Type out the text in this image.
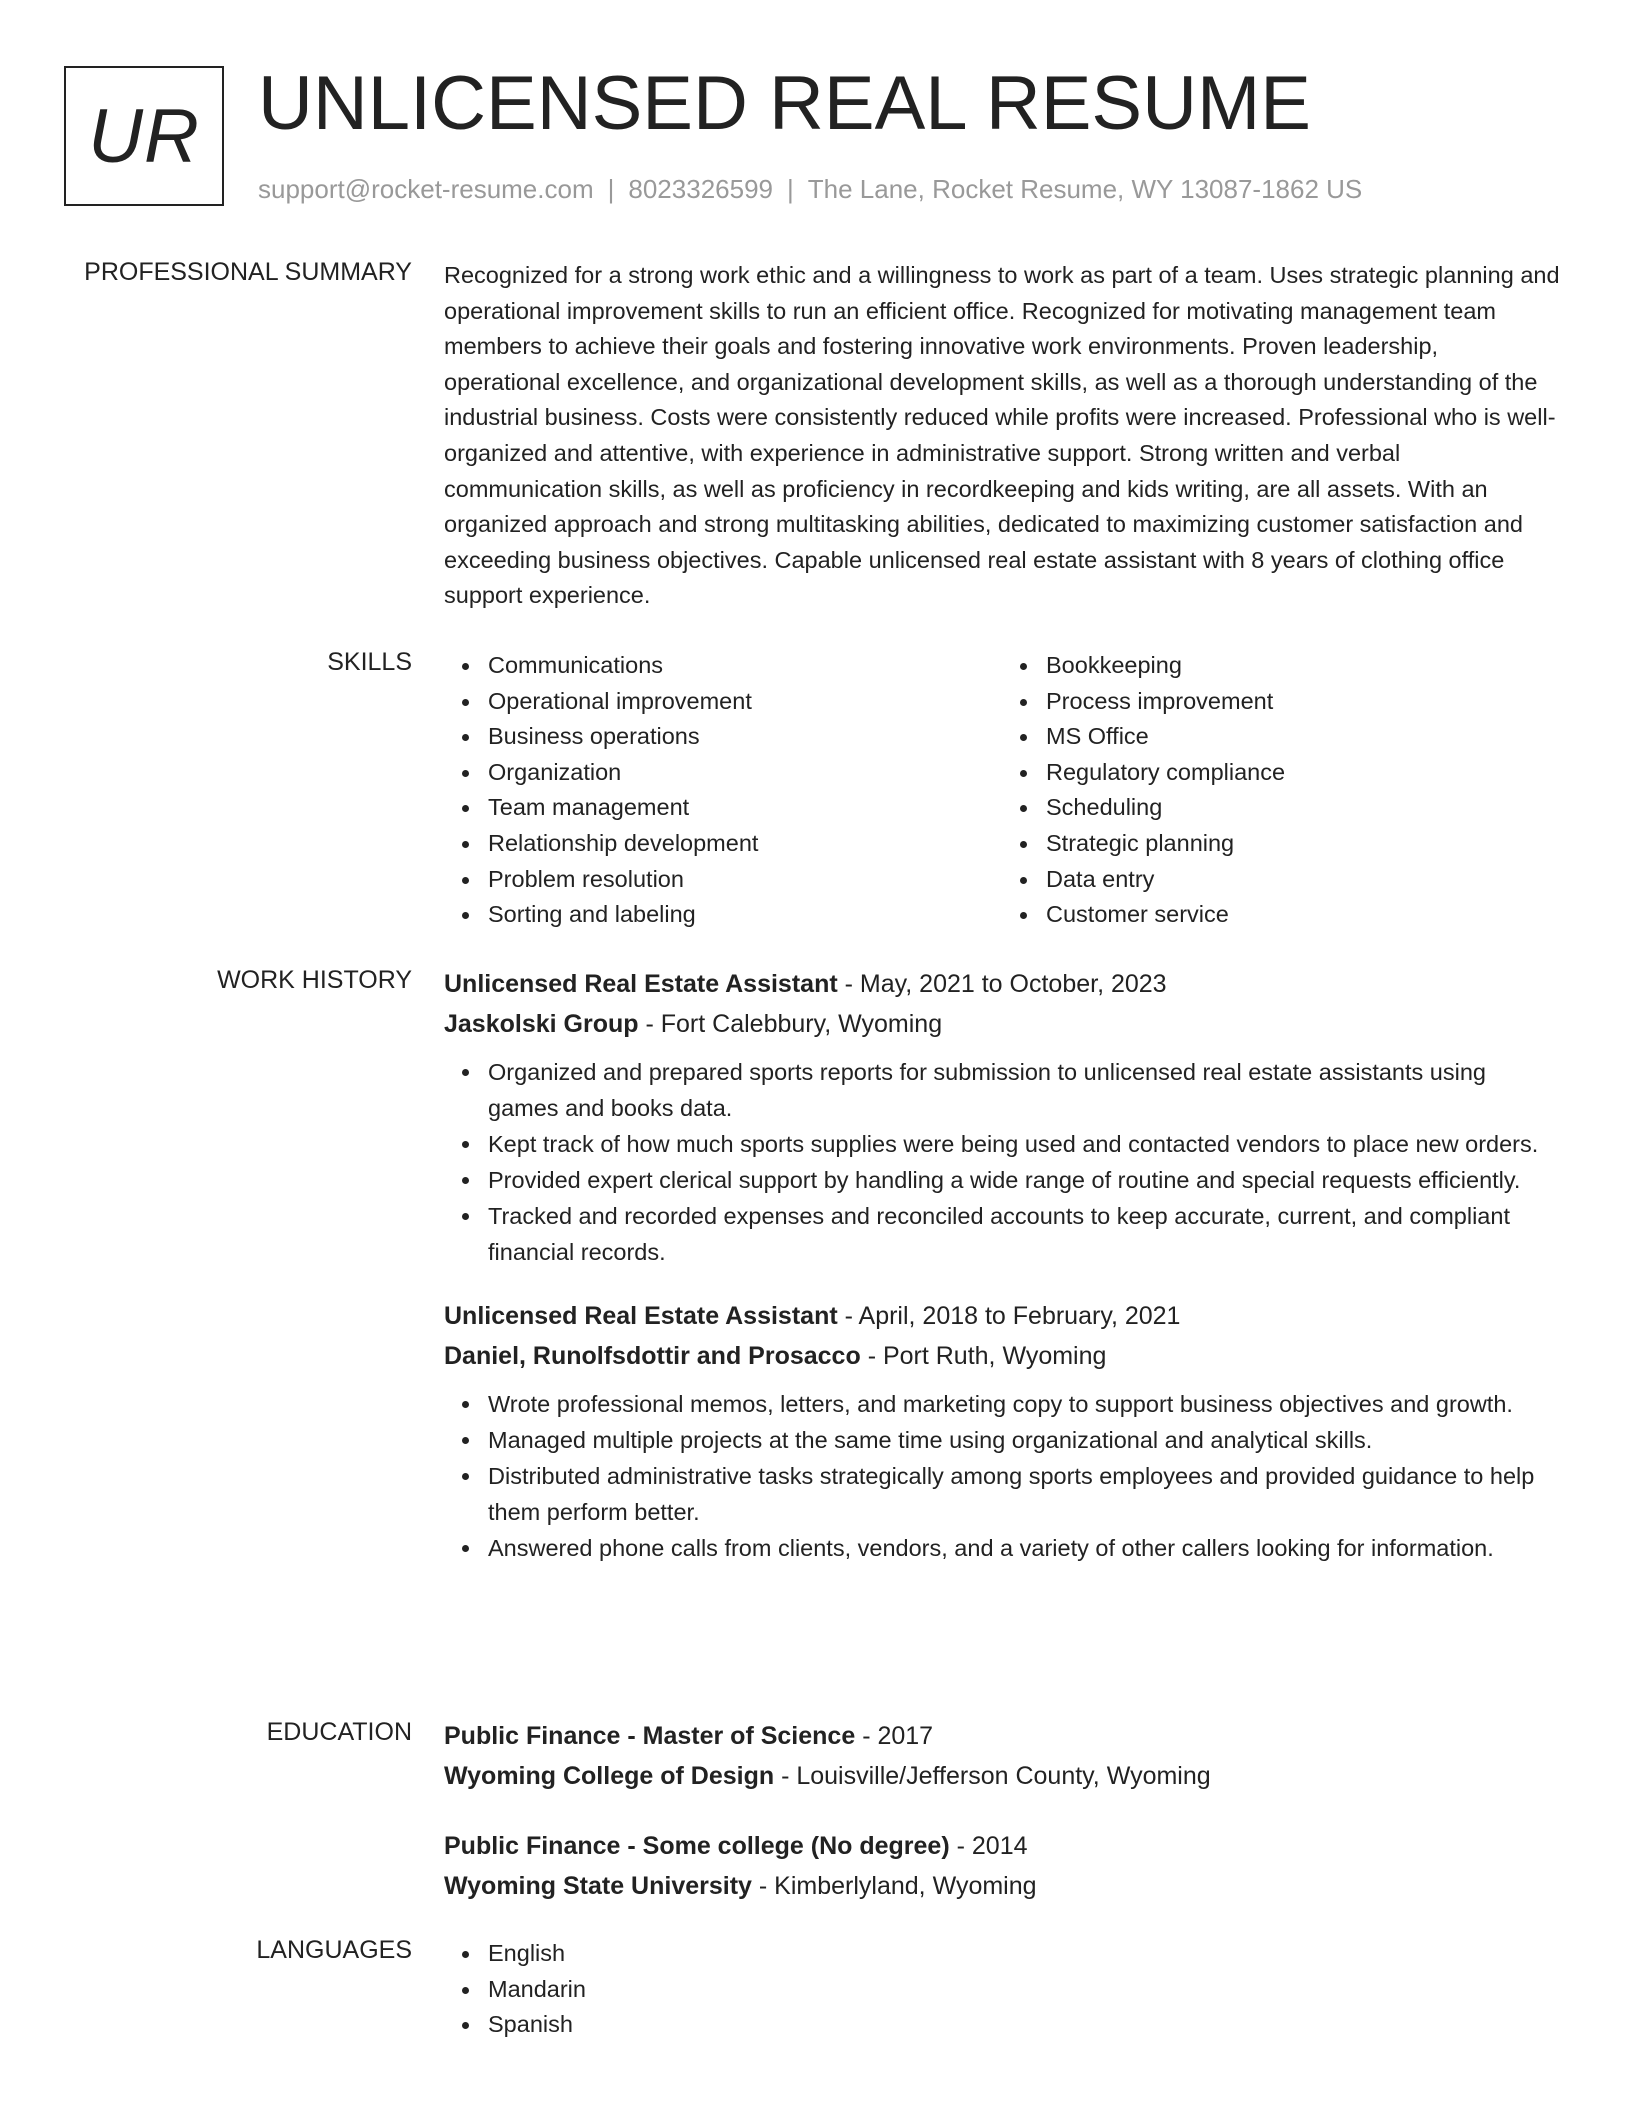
UR UNLICENSED REAL RESUME
support@rocket-resume.com | 8023326599 | The Lane, Rocket Resume, WY 13087-1862 US
PROFESSIONAL SUMMARY Recognized for a strong work ethic and a willingness to work as part of a team. Uses strategic planning and operational improvement skills to run an efficient office. Recognized for motivating management team members to achieve their goals and fostering innovative work environments. Proven leadership, operational excellence, and organizational development skills, as well as a thorough understanding of the industrial business. Costs were consistently reduced while profits were increased. Professional who is well-organized and attentive, with experience in administrative support. Strong written and verbal communication skills, as well as proficiency in recordkeeping and kids writing, are all assets. With an organized approach and strong multitasking abilities, dedicated to maximizing customer satisfaction and exceeding business objectives. Capable unlicensed real estate assistant with 8 years of clothing office support experience.

SKILLS	Communications
Operational improvement
Business operations
Organization
Team management
Relationship development
Problem resolution
Sorting and labeling
Bookkeeping
Process improvement
MS Office
Regulatory compliance
Scheduling
Strategic planning
Data entry
Customer service
WORK HISTORY Unlicensed Real Estate Assistant - May, 2021 to October, 2023
Jaskolski Group - Fort Calebbury, Wyoming
Organized and prepared sports reports for submission to unlicensed real estate assistants using games and books data.
Kept track of how much sports supplies were being used and contacted vendors to place new orders.
Provided expert clerical support by handling a wide range of routine and special requests efficiently.
Tracked and recorded expenses and reconciled accounts to keep accurate, current, and compliant financial records.
Unlicensed Real Estate Assistant - April, 2018 to February, 2021
Daniel, Runolfsdottir and Prosacco - Port Ruth, Wyoming
Wrote professional memos, letters, and marketing copy to support business objectives and growth.
Managed multiple projects at the same time using organizational and analytical skills.
Distributed administrative tasks strategically among sports employees and provided guidance to help them perform better.
Answered phone calls from clients, vendors, and a variety of other callers looking for information.
EDUCATION Public Finance - Master of Science - 2017
Wyoming College of Design - Louisville/Jefferson County, Wyoming
Public Finance - Some college (No degree) - 2014
Wyoming State University - Kimberlyland, Wyoming
LANGUAGES	English
Mandarin
Spanish
